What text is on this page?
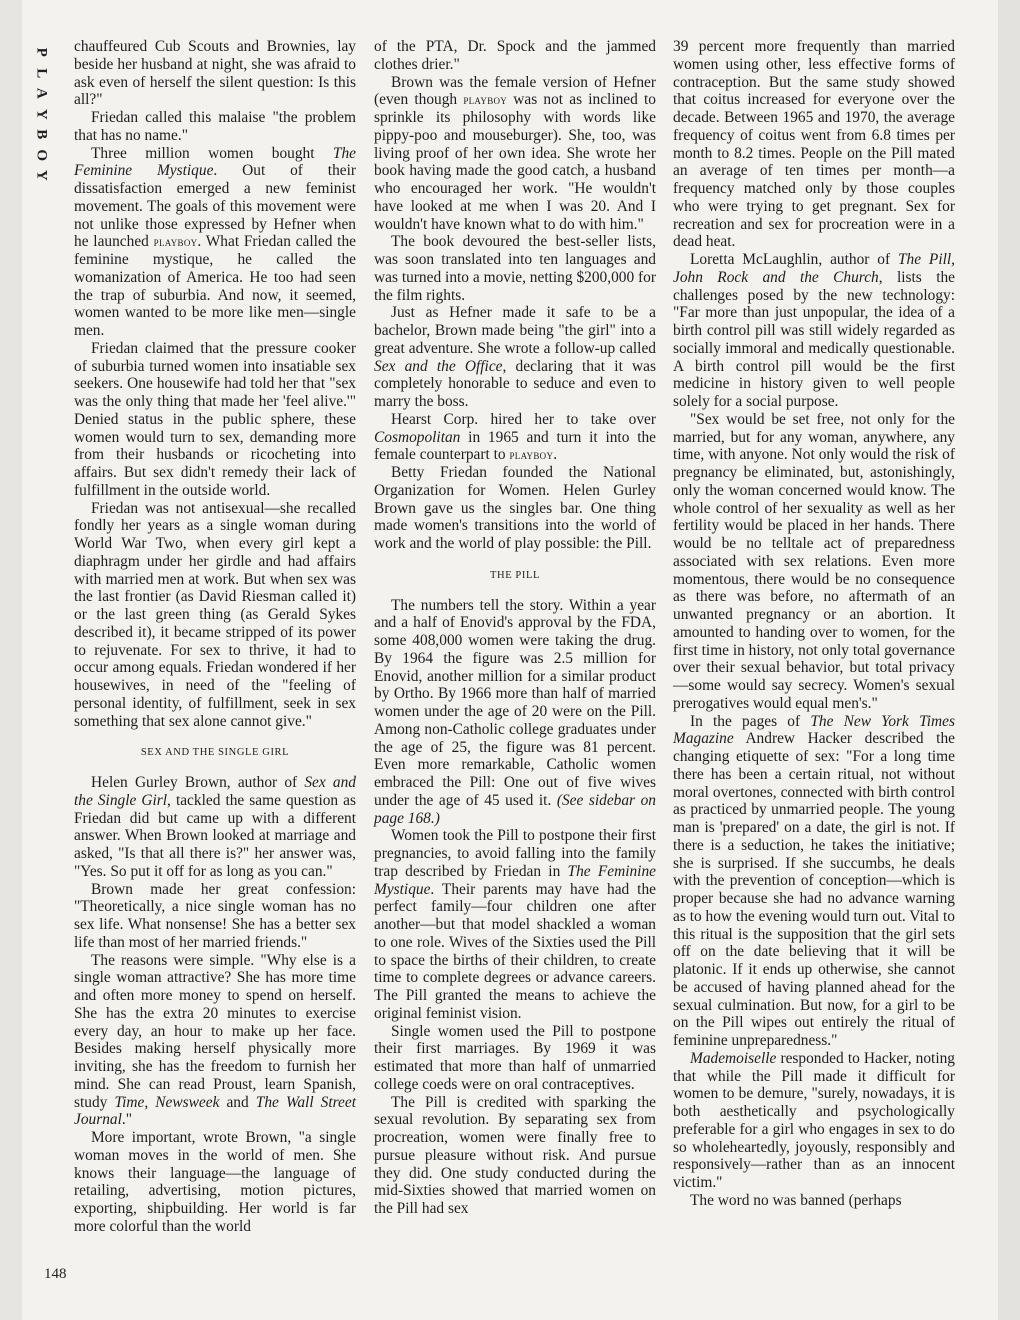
P
L
A
Y
B
O
Y
148

chauffeured Cub Scouts and Brownies, lay beside her husband at night, she was afraid to ask even of herself the silent question: Is this all?"

Friedan called this malaise "the problem that has no name."

Three million women bought The Feminine Mystique. Out of their dissatisfaction emerged a new feminist movement. The goals of this movement were not unlike those expressed by Hefner when he launched playboy. What Friedan called the feminine mystique, he called the womanization of America. He too had seen the trap of suburbia. And now, it seemed, women wanted to be more like men—single men.

Friedan claimed that the pressure cooker of suburbia turned women into insatiable sex seekers. One housewife had told her that "sex was the only thing that made her 'feel alive.'" Denied status in the public sphere, these women would turn to sex, demanding more from their husbands or ricocheting into affairs. But sex didn't remedy their lack of fulfillment in the outside world.

Friedan was not antisexual—she recalled fondly her years as a single woman during World War Two, when every girl kept a diaphragm under her girdle and had affairs with married men at work. But when sex was the last frontier (as David Riesman called it) or the last green thing (as Gerald Sykes described it), it became stripped of its power to rejuvenate. For sex to thrive, it had to occur among equals. Friedan wondered if her housewives, in need of the "feeling of personal identity, of fulfillment, seek in sex something that sex alone cannot give."

SEX AND THE SINGLE GIRL

Helen Gurley Brown, author of Sex and the Single Girl, tackled the same question as Friedan did but came up with a different answer. When Brown looked at marriage and asked, "Is that all there is?" her answer was, "Yes. So put it off for as long as you can."

Brown made her great confession: "Theoretically, a nice single woman has no sex life. What nonsense! She has a better sex life than most of her married friends."

The reasons were simple. "Why else is a single woman attractive? She has more time and often more money to spend on herself. She has the extra 20 minutes to exercise every day, an hour to make up her face. Besides making herself physically more inviting, she has the freedom to furnish her mind. She can read Proust, learn Spanish, study Time, Newsweek and The Wall Street Journal."

More important, wrote Brown, "a single woman moves in the world of men. She knows their language—the language of retailing, advertising, motion pictures, exporting, shipbuilding. Her world is far more colorful than the world

of the PTA, Dr. Spock and the jammed clothes drier."

Brown was the female version of Hefner (even though playboy was not as inclined to sprinkle its philosophy with words like pippy-poo and mouseburger). She, too, was living proof of her own idea. She wrote her book having made the good catch, a husband who encouraged her work. "He wouldn't have looked at me when I was 20. And I wouldn't have known what to do with him."

The book devoured the best-seller lists, was soon translated into ten languages and was turned into a movie, netting $200,000 for the film rights.

Just as Hefner made it safe to be a bachelor, Brown made being "the girl" into a great adventure. She wrote a follow-up called Sex and the Office, declaring that it was completely honorable to seduce and even to marry the boss.

Hearst Corp. hired her to take over Cosmopolitan in 1965 and turn it into the female counterpart to playboy.

Betty Friedan founded the National Organization for Women. Helen Gurley Brown gave us the singles bar. One thing made women's transitions into the world of work and the world of play possible: the Pill.

THE PILL

The numbers tell the story. Within a year and a half of Enovid's approval by the FDA, some 408,000 women were taking the drug. By 1964 the figure was 2.5 million for Enovid, another million for a similar product by Ortho. By 1966 more than half of married women under the age of 20 were on the Pill. Among non-Catholic college graduates under the age of 25, the figure was 81 percent. Even more remarkable, Catholic women embraced the Pill: One out of five wives under the age of 45 used it. (See sidebar on page 168.)

Women took the Pill to postpone their first pregnancies, to avoid falling into the family trap described by Friedan in The Feminine Mystique. Their parents may have had the perfect family—four children one after another—but that model shackled a woman to one role. Wives of the Sixties used the Pill to space the births of their children, to create time to complete degrees or advance careers. The Pill granted the means to achieve the original feminist vision.

Single women used the Pill to postpone their first marriages. By 1969 it was estimated that more than half of unmarried college coeds were on oral contraceptives.

The Pill is credited with sparking the sexual revolution. By separating sex from procreation, women were finally free to pursue pleasure without risk. And pursue they did. One study conducted during the mid-Sixties showed that married women on the Pill had sex

39 percent more frequently than married women using other, less effective forms of contraception. But the same study showed that coitus increased for everyone over the decade. Between 1965 and 1970, the average frequency of coitus went from 6.8 times per month to 8.2 times. People on the Pill mated an average of ten times per month—a frequency matched only by those couples who were trying to get pregnant. Sex for recreation and sex for procreation were in a dead heat.

Loretta McLaughlin, author of The Pill, John Rock and the Church, lists the challenges posed by the new technology: "Far more than just unpopular, the idea of a birth control pill was still widely regarded as socially immoral and medically questionable. A birth control pill would be the first medicine in history given to well people solely for a social purpose.

"Sex would be set free, not only for the married, but for any woman, anywhere, any time, with anyone. Not only would the risk of pregnancy be eliminated, but, astonishingly, only the woman concerned would know. The whole control of her sexuality as well as her fertility would be placed in her hands. There would be no telltale act of preparedness associated with sex relations. Even more momentous, there would be no consequence as there was before, no aftermath of an unwanted pregnancy or an abortion. It amounted to handing over to women, for the first time in history, not only total governance over their sexual behavior, but total privacy—some would say secrecy. Women's sexual prerogatives would equal men's."

In the pages of The New York Times Magazine Andrew Hacker described the changing etiquette of sex: "For a long time there has been a certain ritual, not without moral overtones, connected with birth control as practiced by unmarried people. The young man is 'prepared' on a date, the girl is not. If there is a seduction, he takes the initiative; she is surprised. If she succumbs, he deals with the prevention of conception—which is proper because she had no advance warning as to how the evening would turn out. Vital to this ritual is the supposition that the girl sets off on the date believing that it will be platonic. If it ends up otherwise, she cannot be accused of having planned ahead for the sexual culmination. But now, for a girl to be on the Pill wipes out entirely the ritual of feminine unpreparedness."

Mademoiselle responded to Hacker, noting that while the Pill made it difficult for women to be demure, "surely, nowadays, it is both aesthetically and psychologically preferable for a girl who engages in sex to do so wholeheartedly, joyously, responsibly and responsively—rather than as an innocent victim."

The word no was banned (perhaps
